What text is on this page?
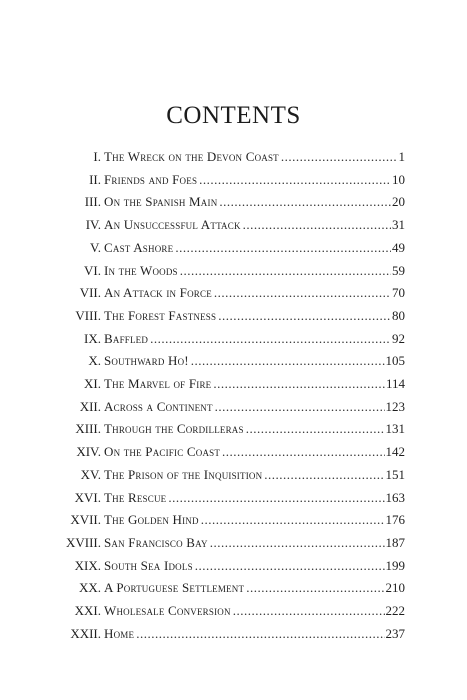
CONTENTS
I. The Wreck on the Devon Coast .....	1
II. Friends and Foes .....	10
III. On the Spanish Main .....	20
IV. An Unsuccessful Attack .....	31
V. Cast Ashore .....	49
VI. In the Woods .....	59
VII. An Attack in Force .....	70
VIII. The Forest Fastness .....	80
IX. Baffled .....	92
X. Southward Ho! .....	105
XI. The Marvel of Fire .....	114
XII. Across a Continent .....	123
XIII. Through the Cordilleras .....	131
XIV. On the Pacific Coast .....	142
XV. The Prison of the Inquisition .....	151
XVI. The Rescue .....	163
XVII. The Golden Hind .....	176
XVIII. San Francisco Bay .....	187
XIX. South Sea Idols .....	199
XX. A Portuguese Settlement .....	210
XXI. Wholesale Conversion .....	222
XXII. Home .....	237
